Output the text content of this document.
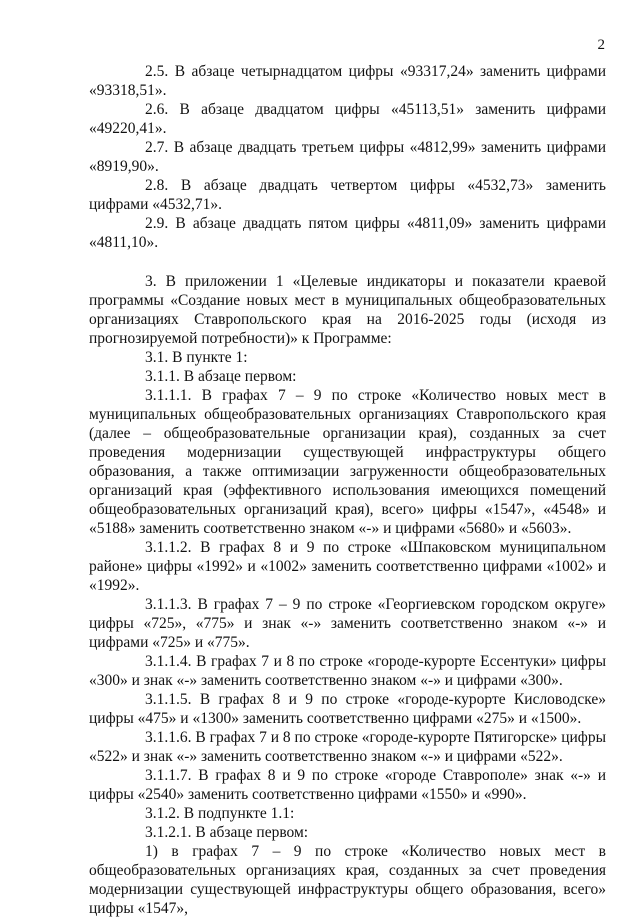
2

2.5. В абзаце четырнадцатом цифры «93317,24» заменить цифрами «93318,51».

2.6. В абзаце двадцатом цифры «45113,51» заменить цифрами «49220,41».

2.7. В абзаце двадцать третьем цифры «4812,99» заменить цифрами «8919,90».

2.8. В абзаце двадцать четвертом цифры «4532,73» заменить цифрами «4532,71».

2.9. В абзаце двадцать пятом цифры «4811,09» заменить цифрами «4811,10».

3. В приложении 1 «Целевые индикаторы и показатели краевой программы «Создание новых мест в муниципальных общеобразовательных организациях Ставропольского края на 2016-2025 годы (исходя из прогнозируемой потребности)» к Программе:

3.1. В пункте 1:

3.1.1. В абзаце первом:

3.1.1.1. В графах 7 – 9 по строке «Количество новых мест в муниципальных общеобразовательных организациях Ставропольского края (далее – общеобразовательные организации края), созданных за счет проведения модернизации существующей инфраструктуры общего образования, а также оптимизации загруженности общеобразовательных организаций края (эффективного использования имеющихся помещений общеобразовательных организаций края), всего» цифры «1547», «4548» и «5188» заменить соответственно знаком «-» и цифрами «5680» и «5603».

3.1.1.2. В графах 8 и 9 по строке «Шпаковском муниципальном районе» цифры «1992» и «1002» заменить соответственно цифрами «1002» и «1992».

3.1.1.3. В графах 7 – 9 по строке «Георгиевском городском округе» цифры «725», «775» и знак «-» заменить соответственно знаком «-» и цифрами «725» и «775».

3.1.1.4. В графах 7 и 8 по строке «городе-курорте Ессентуки» цифры «300» и знак «-» заменить соответственно знаком «-» и цифрами «300».

3.1.1.5. В графах 8 и 9 по строке «городе-курорте Кисловодске» цифры «475» и «1300» заменить соответственно цифрами «275» и «1500».

3.1.1.6. В графах 7 и 8 по строке «городе-курорте Пятигорске» цифры «522» и знак «-» заменить соответственно знаком «-» и цифрами «522».

3.1.1.7. В графах 8 и 9 по строке «городе Ставрополе» знак «-» и цифры «2540» заменить соответственно цифрами «1550» и «990».

3.1.2. В подпункте 1.1:

3.1.2.1. В абзаце первом:

1) в графах 7 – 9 по строке «Количество новых мест в общеобразовательных организациях края, созданных за счет проведения модернизации существующей инфраструктуры общего образования, всего» цифры «1547»,
